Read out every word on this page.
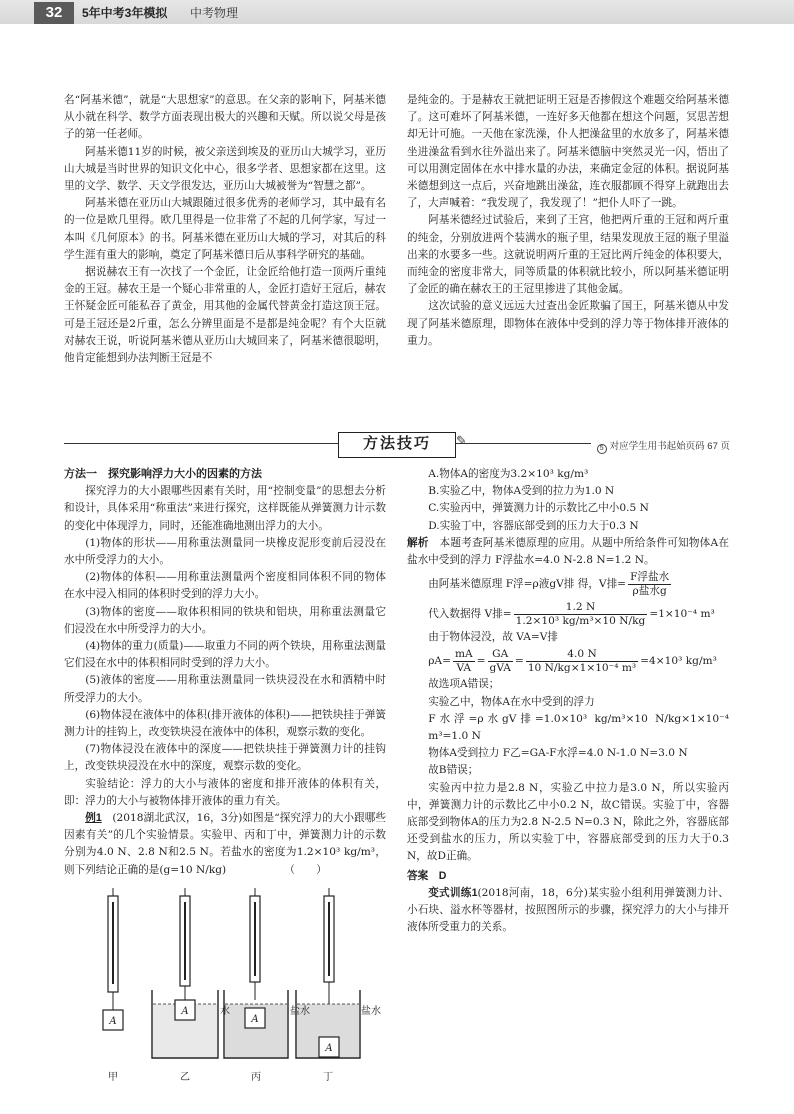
32	5年中考3年模拟 中考物理

名“阿基米德”，就是“大思想家”的意思。在父亲的影响下，阿基米德从小就在科学、数学方面表现出极大的兴趣和天赋。所以说父母是孩子的第一任老师。

阿基米德11岁的时候，被父亲送到埃及的亚历山大城学习，亚历山大城是当时世界的知识文化中心，很多学者、思想家都在这里。这里的文学、数学、天文学很发达，亚历山大城被誉为“智慧之都”。

阿基米德在亚历山大城跟随过很多优秀的老师学习，其中最有名的一位是欧几里得。欧几里得是一位非常了不起的几何学家，写过一本叫《几何原本》的书。阿基米德在亚历山大城的学习，对其后的科学生涯有重大的影响，奠定了阿基米德日后从事科学研究的基础。

据说赫农王有一次找了一个金匠，让金匠给他打造一顶两斤重纯金的王冠。赫农王是一个疑心非常重的人，金匠打造好王冠后，赫农王怀疑金匠可能私吞了黄金，用其他的金属代替黄金打造这顶王冠。可是王冠还是2斤重，怎么分辨里面是不是都是纯金呢？有个大臣就对赫农王说，听说阿基米德从亚历山大城回来了，阿基米德很聪明，他肯定能想到办法判断王冠是不

是纯金的。于是赫农王就把证明王冠是否掺假这个难题交给阿基米德了。这可难坏了阿基米德，一连好多天他都在想这个问题，冥思苦想却无计可施。一天他在家洗澡，仆人把澡盆里的水放多了，阿基米德坐进澡盆看到水往外溢出来了。阿基米德脑中突然灵光一闪，悟出了可以用测定固体在水中排水量的办法，来确定金冠的体积。据说阿基米德想到这一点后，兴奋地跳出澡盆，连衣服都顾不得穿上就跑出去了，大声喊着：“我发现了，我发现了！”把仆人吓了一跳。

阿基米德经过试验后，来到了王宫，他把两斤重的王冠和两斤重的纯金，分别放进两个装满水的瓶子里，结果发现放王冠的瓶子里溢出来的水要多一些。这就说明两斤重的王冠比两斤纯金的体积要大，而纯金的密度非常大，同等质量的体积就比较小，所以阿基米德证明了金匠的确在赫农王的王冠里掺进了其他金属。

这次试验的意义远远大过查出金匠欺骗了国王，阿基米德从中发现了阿基米德原理，即物体在液体中受到的浮力等于物体排开液体的重力。

方法技巧	✎	5 对应学生用书起始页码 67 页

方法一　探究影响浮力大小的因素的方法

探究浮力的大小跟哪些因素有关时，用“控制变量”的思想去分析和设计，具体采用“称重法”来进行探究，这样既能从弹簧测力计示数的变化中体现浮力，同时，还能准确地测出浮力的大小。

(1)物体的形状——用称重法测量同一块橡皮泥形变前后浸没在水中所受浮力的大小。

(2)物体的体积——用称重法测量两个密度相同体积不同的物体在水中浸入相同的体积时受到的浮力大小。

(3)物体的密度——取体积相同的铁块和铝块，用称重法测量它们浸没在水中所受浮力的大小。

(4)物体的重力(质量)——取重力不同的两个铁块，用称重法测量它们浸在水中的体积相同时受到的浮力大小。

(5)液体的密度——用称重法测量同一铁块浸没在水和酒精中时所受浮力的大小。

(6)物体浸在液体中的体积(排开液体的体积)——把铁块挂于弹簧测力计的挂钩上，改变铁块浸在液体中的体积，观察示数的变化。

(7)物体浸没在液体中的深度——把铁块挂于弹簧测力计的挂钩上，改变铁块浸没在水中的深度，观察示数的变化。

实验结论：浮力的大小与液体的密度和排开液体的体积有关，即：浮力的大小与被物体排开液体的重力有关。

例1　 (2018湖北武汉，16，3分)如图是“探究浮力的大小跟哪些因素有关”的几个实验情景。实验甲、丙和丁中，弹簧测力计的示数分别为4.0 N、2.8 N和2.5 N。若盐水的密度为1.2×10³ kg/m³，则下列结论正确的是(g=10 N/kg)　　　　　　（　　）

A
A
A
A
水	盐水	盐水
甲	乙	丙	丁

A.物体A的密度为3.2×10³ kg/m³

B.实验乙中，物体A受到的拉力为1.0 N

C.实验丙中，弹簧测力计的示数比乙中小0.5 N

D.实验丁中，容器底部受到的压力大于0.3 N

解析　 本题考查阿基米德原理的应用。从题中所给条件可知物体A在盐水中受到的浮力 F浮盐水=4.0 N-2.8 N=1.2 N。

由阿基米德原理 F浮=ρ液gV排 得，V排= $\frac{\text{F浮盐水}}{\text{ρ盐水g}}$

代入数据得 V排= $\frac{1.2 N}{\text{1.2×10³ kg/m³×10 N/kg}} =1\times 10^{-4}$ m³

由于物体浸没，故 VA=V排

$\rho A= \frac{mA}{VA} = \frac{GA}{\text{gVA}} = \frac{4.0 N}{\text{10 N/kg×1×10⁻⁴ m³}} =4\times 10^3$ kg/m³

故选项A错误；

实验乙中，物体A在水中受到的浮力

F水浮=ρ水gV排=1.0×10³ kg/m³×10 N/kg×1×10⁻⁴ m³=1.0 N

物体A受到拉力 F乙=GA-F水浮=4.0 N-1.0 N=3.0 N

故B错误；

实验丙中拉力是2.8 N，实验乙中拉力是3.0 N，所以实验丙中，弹簧测力计的示数比乙中小0.2 N，故C错误。实验丁中，容器底部受到物体A的压力为2.8 N-2.5 N=0.3 N，除此之外，容器底部还受到盐水的压力，所以实验丁中，容器底部受到的压力大于0.3 N，故D正确。

答案　 D

变式训练1(2018河南，18，6分)某实验小组利用弹簧测力计、小石块、溢水杯等器材，按照图所示的步骤，探究浮力的大小与排开液体所受重力的关系。
